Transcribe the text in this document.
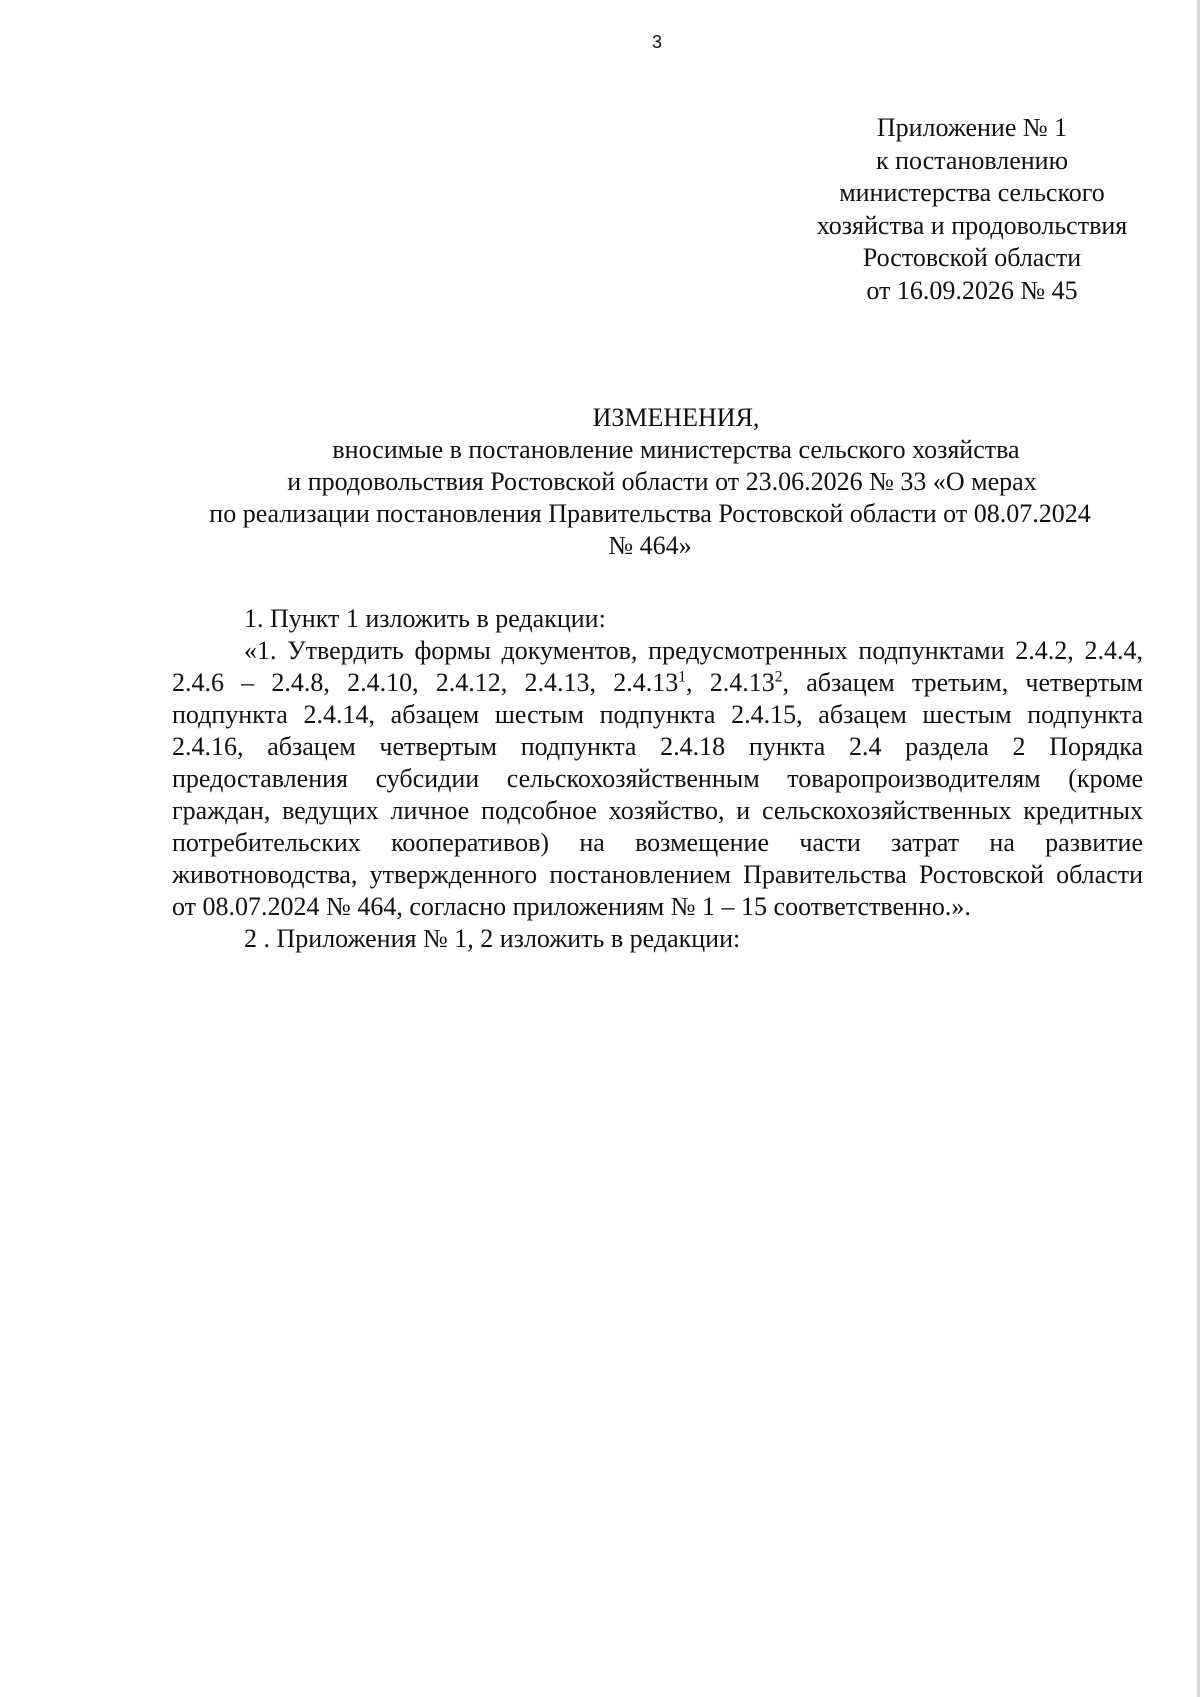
3
Приложение № 1
к постановлению
министерства сельского
хозяйства и продовольствия
Ростовской области
от 16.09.2026 № 45
ИЗМЕНЕНИЯ,
вносимые в постановление министерства сельского хозяйства
и продовольствия Ростовской области от 23.06.2026 № 33 «О мерах
по реализации постановления Правительства Ростовской области от 08.07.2024
№ 464»

1. Пункт 1 изложить в редакции:

«1. Утвердить формы документов, предусмотренных подпунктами 2.4.2, 2.4.4, 2.4.6 – 2.4.8, 2.4.10, 2.4.12, 2.4.13, 2.4.13$^1$, 2.4.13$^2$, абзацем третьим, четвертым подпункта 2.4.14, абзацем шестым подпункта 2.4.15, абзацем шестым подпункта 2.4.16, абзацем четвертым подпункта 2.4.18 пункта 2.4 раздела 2 Порядка предоставления субсидии сельскохозяйственным товаропроизводителям (кроме граждан, ведущих личное подсобное хозяйство, и сельскохозяйственных кредитных потребительских кооперативов) на возмещение части затрат на развитие животноводства, утвержденного постановлением Правительства Ростовской области от 08.07.2024 № 464, согласно приложениям № 1 – 15 соответственно.».

2 . Приложения № 1, 2 изложить в редакции:
